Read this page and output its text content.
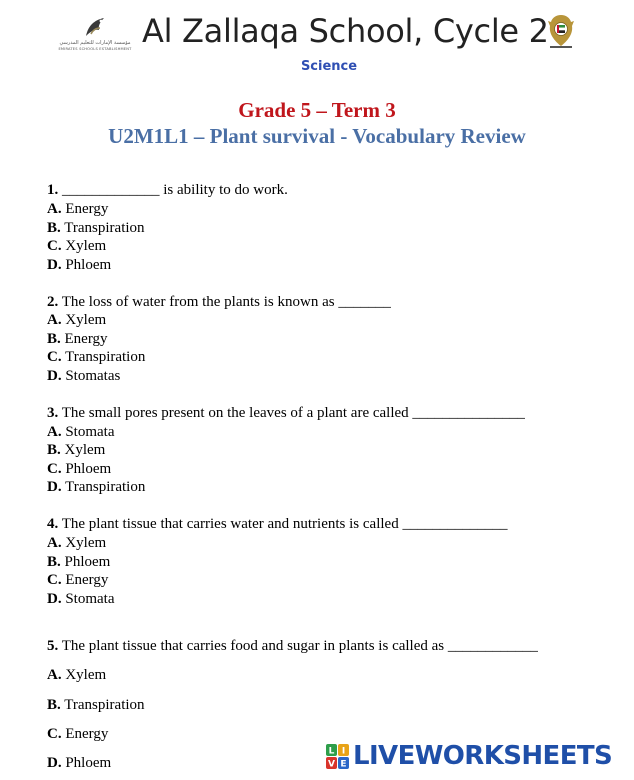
مؤسسة الإمارات للتعليم المدرسي
EMIRATES SCHOOLS ESTABLISHMENT Al Zallaqa School, Cycle 2
Science
Grade 5 – Term 3
U2M1L1 – Plant survival - Vocabulary Review
1. _____________ is ability to do work.
A. Energy
B. Transpiration
C. Xylem
D. Phloem
2. The loss of water from the plants is known as _______
A. Xylem
B. Energy
C. Transpiration
D. Stomatas
3. The small pores present on the leaves of a plant are called _______________
A. Stomata
B. Xylem
C. Phloem
D. Transpiration
4. The plant tissue that carries water and nutrients is called ______________
A. Xylem
B. Phloem
C. Energy
D. Stomata
5. The plant tissue that carries food and sugar in plants is called as ____________
A. Xylem
B. Transpiration
C. Energy
D. Phloem
L I
V E LIVEWORKSHEETS
